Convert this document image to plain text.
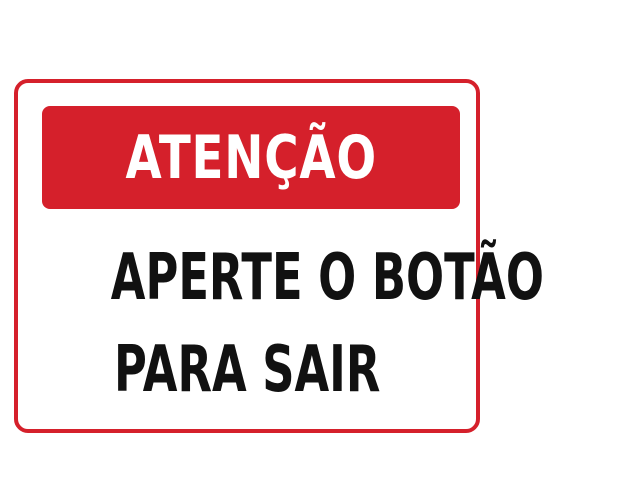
ATENÇÃO
APERTE O BOTÃO
PARA SAIR
